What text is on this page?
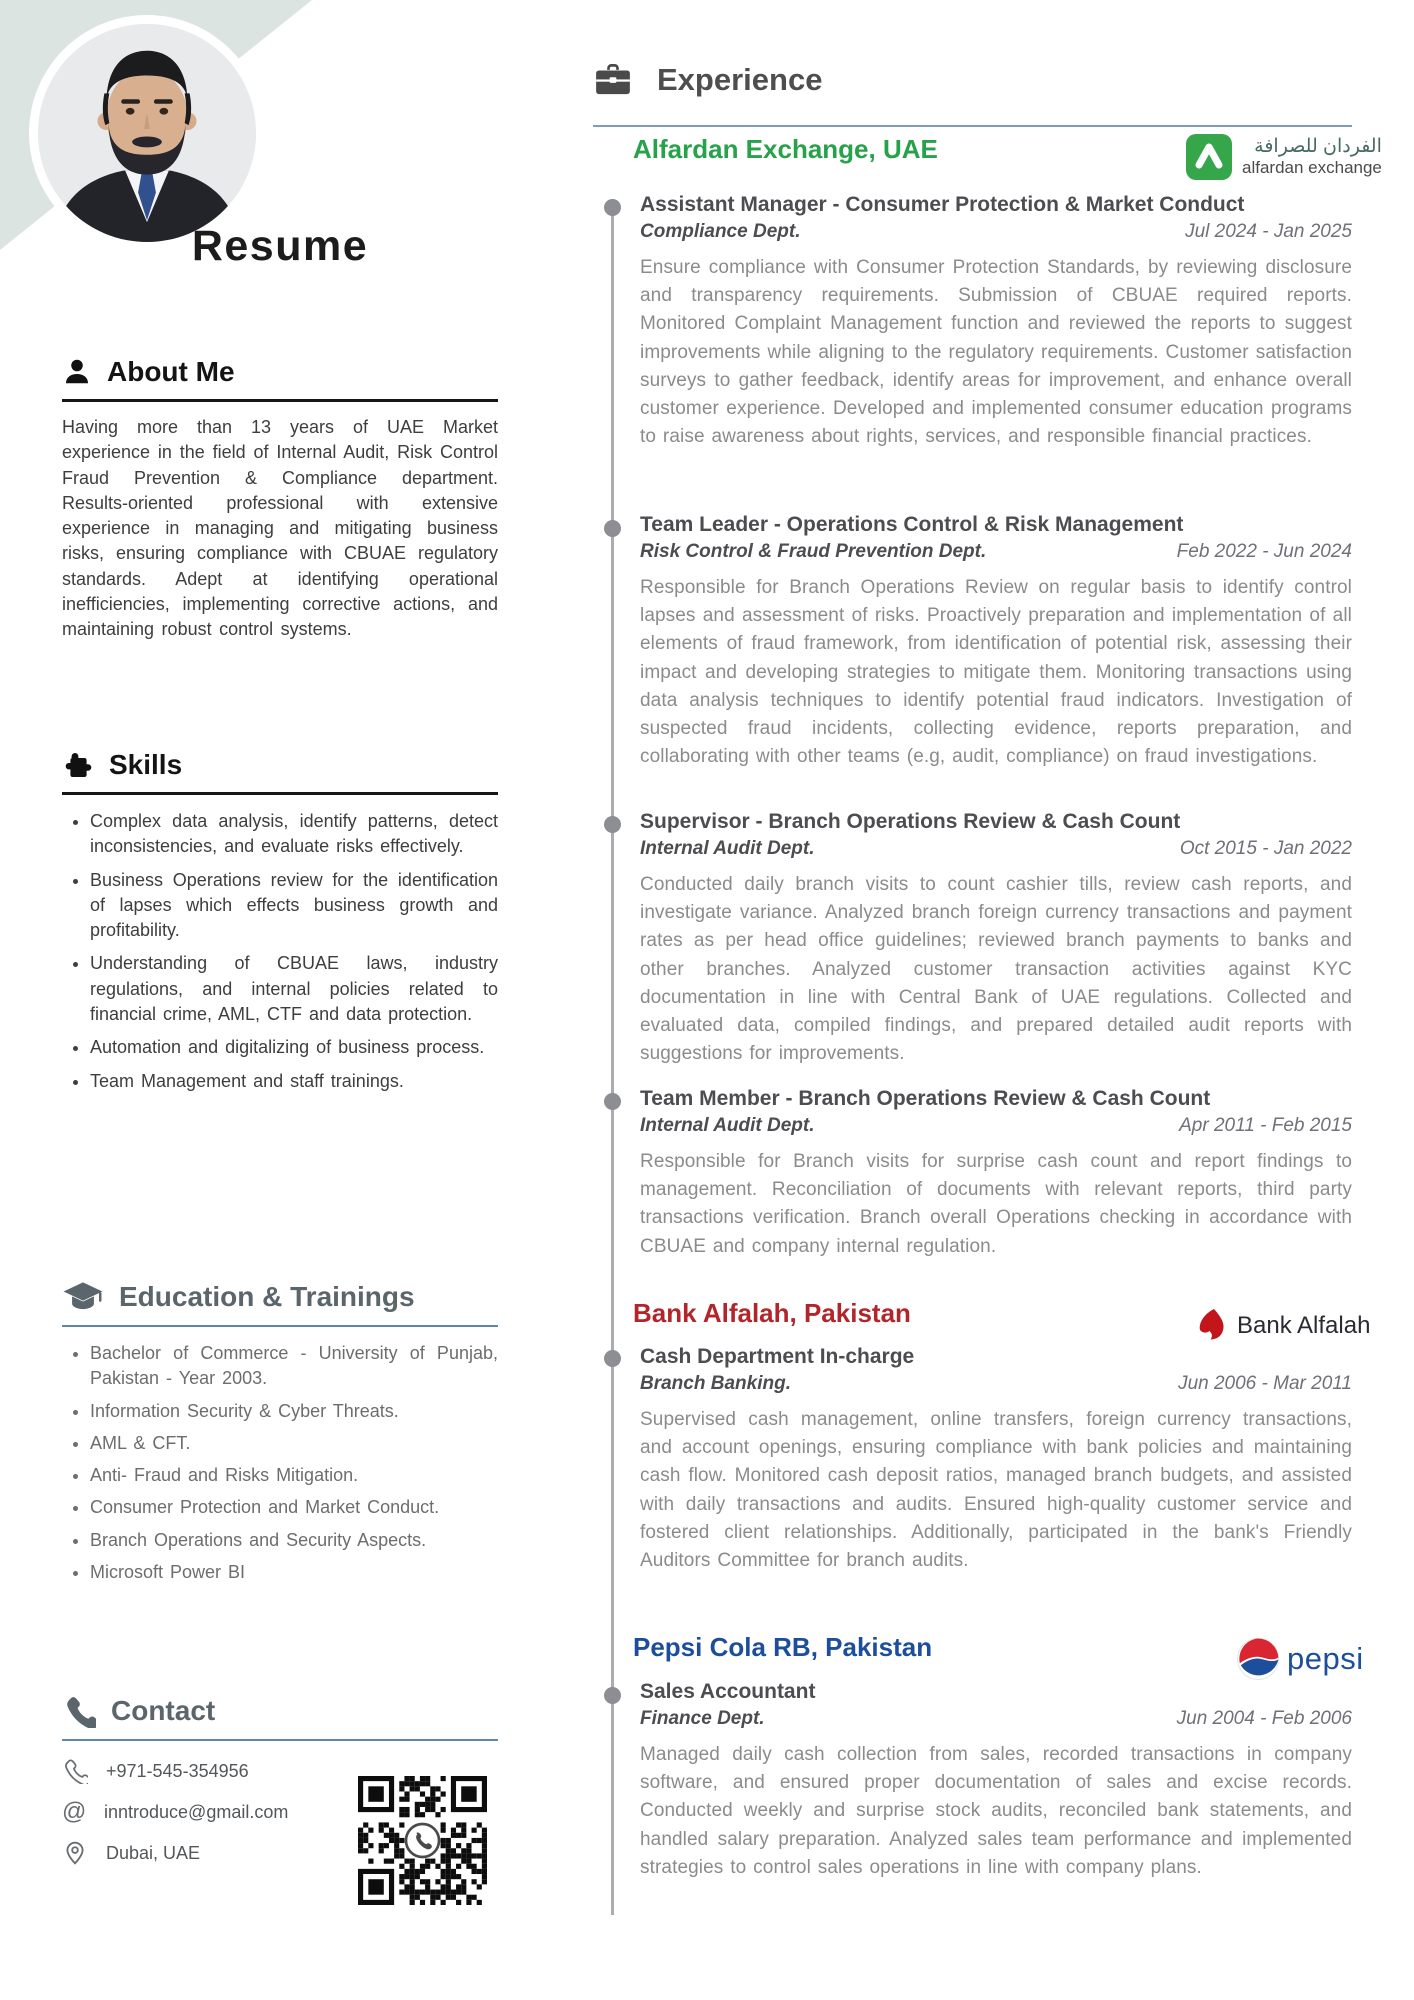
Resume
About Me

Having more than 13 years of UAE Market experience in the field of Internal Audit, Risk Control Fraud Prevention & Compliance department. Results-oriented professional with extensive experience in managing and mitigating business risks, ensuring compliance with CBUAE regulatory standards. Adept at identifying operational inefficiencies, implementing corrective actions, and maintaining robust control systems.

Skills
• Complex data analysis, identify patterns, detect inconsistencies, and evaluate risks effectively.
• Business Operations review for the identification of lapses which effects business growth and profitability.
• Understanding of CBUAE laws, industry regulations, and internal policies related to financial crime, AML, CTF and data protection.
• Automation and digitalizing of business process.
• Team Management and staff trainings.
Education & Trainings
• Bachelor of Commerce - University of Punjab, Pakistan - Year 2003.
• Information Security & Cyber Threats.
• AML & CFT.
• Anti- Fraud and Risks Mitigation.
• Consumer Protection and Market Conduct.
• Branch Operations and Security Aspects.
• Microsoft Power BI
Contact
+971-545-354956
@ inntroduce@gmail.com
Dubai, UAE
Experience
Alfardan Exchange, UAE	الفردان للصرافة
alfardan exchange
Assistant Manager - Consumer Protection & Market Conduct
Compliance Dept.	Jul 2024 - Jan 2025

Ensure compliance with Consumer Protection Standards, by reviewing disclosure and transparency requirements. Submission of CBUAE required reports. Monitored Complaint Management function and reviewed the reports to suggest improvements while aligning to the regulatory requirements. Customer satisfaction surveys to gather feedback, identify areas for improvement, and enhance overall customer experience. Developed and implemented consumer education programs to raise awareness about rights, services, and responsible financial practices.

Team Leader - Operations Control & Risk Management
Risk Control & Fraud Prevention Dept.	Feb 2022 - Jun 2024

Responsible for Branch Operations Review on regular basis to identify control lapses and assessment of risks. Proactively preparation and implementation of all elements of fraud framework, from identification of potential risk, assessing their impact and developing strategies to mitigate them. Monitoring transactions using data analysis techniques to identify potential fraud indicators. Investigation of suspected fraud incidents, collecting evidence, reports preparation, and collaborating with other teams (e.g, audit, compliance) on fraud investigations.

Supervisor - Branch Operations Review & Cash Count
Internal Audit Dept.	Oct 2015 - Jan 2022

Conducted daily branch visits to count cashier tills, review cash reports, and investigate variance. Analyzed branch foreign currency transactions and payment rates as per head office guidelines; reviewed branch payments to banks and other branches. Analyzed customer transaction activities against KYC documentation in line with Central Bank of UAE regulations. Collected and evaluated data, compiled findings, and prepared detailed audit reports with suggestions for improvements.

Team Member - Branch Operations Review & Cash Count
Internal Audit Dept.	Apr 2011 - Feb 2015

Responsible for Branch visits for surprise cash count and report findings to management. Reconciliation of documents with relevant reports, third party transactions verification. Branch overall Operations checking in accordance with CBUAE and company internal regulation.

Bank Alfalah, Pakistan	Bank Alfalah
Cash Department In-charge
Branch Banking.	Jun 2006 - Mar 2011

Supervised cash management, online transfers, foreign currency transactions, and account openings, ensuring compliance with bank policies and maintaining cash flow. Monitored cash deposit ratios, managed branch budgets, and assisted with daily transactions and audits. Ensured high-quality customer service and fostered client relationships. Additionally, participated in the bank's Friendly Auditors Committee for branch audits.

Pepsi Cola RB, Pakistan	pepsi
Sales Accountant
Finance Dept.	Jun 2004 - Feb 2006

Managed daily cash collection from sales, recorded transactions in company software, and ensured proper documentation of sales and excise records. Conducted weekly and surprise stock audits, reconciled bank statements, and handled salary preparation. Analyzed sales team performance and implemented strategies to control sales operations in line with company plans.
